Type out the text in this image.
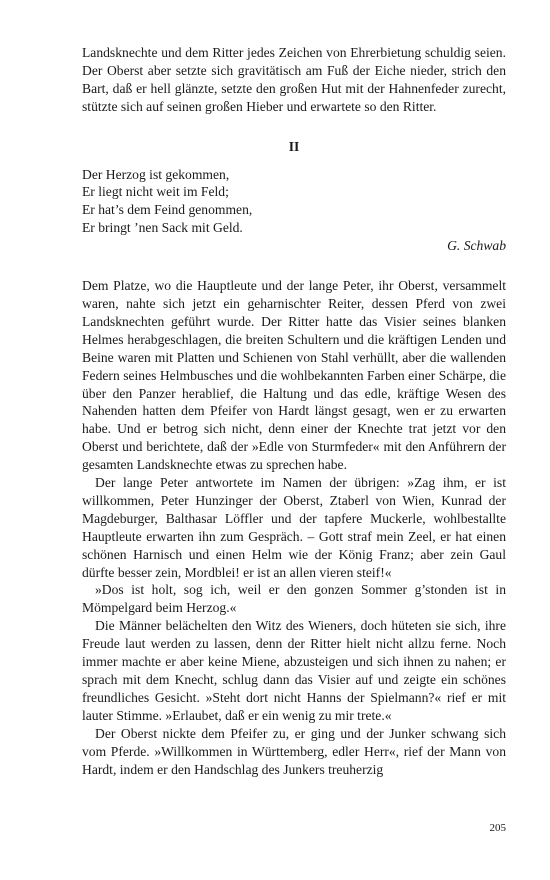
Landsknechte und dem Ritter jedes Zeichen von Ehrerbietung schuldig seien. Der Oberst aber setzte sich gravitätisch am Fuß der Eiche nieder, strich den Bart, daß er hell glänzte, setzte den großen Hut mit der Hahnenfeder zurecht, stützte sich auf seinen großen Hieber und erwartete so den Ritter.

II
Der Herzog ist gekommen,
Er liegt nicht weit im Feld;
Er hat’s dem Feind genommen,
Er bringt ’nen Sack mit Geld.
G. Schwab

Dem Platze, wo die Hauptleute und der lange Peter, ihr Oberst, versammelt waren, nahte sich jetzt ein geharnischter Reiter, dessen Pferd von zwei Landsknechten geführt wurde. Der Ritter hatte das Visier seines blanken Helmes herabgeschlagen, die breiten Schultern und die kräftigen Lenden und Beine waren mit Platten und Schienen von Stahl verhüllt, aber die wallenden Federn seines Helmbusches und die wohlbekannten Farben einer Schärpe, die über den Panzer herablief, die Haltung und das edle, kräftige Wesen des Nahenden hatten dem Pfeifer von Hardt längst gesagt, wen er zu erwarten habe. Und er betrog sich nicht, denn einer der Knechte trat jetzt vor den Oberst und berichtete, daß der »Edle von Sturmfeder« mit den Anführern der gesamten Landsknechte etwas zu sprechen habe.

Der lange Peter antwortete im Namen der übrigen: »Zag ihm, er ist willkommen, Peter Hunzinger der Oberst, Ztaberl von Wien, Kunrad der Magdeburger, Balthasar Löffler und der tapfere Muckerle, wohlbestallte Hauptleute erwarten ihn zum Gespräch. – Gott straf mein Zeel, er hat einen schönen Harnisch und einen Helm wie der König Franz; aber zein Gaul dürfte besser zein, Mordblei! er ist an allen vieren steif!«

»Dos ist holt, sog ich, weil er den gonzen Sommer g’stonden ist in Mömpelgard beim Herzog.«

Die Männer belächelten den Witz des Wieners, doch hüteten sie sich, ihre Freude laut werden zu lassen, denn der Ritter hielt nicht allzu ferne. Noch immer machte er aber keine Miene, abzusteigen und sich ihnen zu nahen; er sprach mit dem Knecht, schlug dann das Visier auf und zeigte ein schönes freundliches Gesicht. »Steht dort nicht Hanns der Spielmann?« rief er mit lauter Stimme. »Erlaubet, daß er ein wenig zu mir trete.«

Der Oberst nickte dem Pfeifer zu, er ging und der Junker schwang sich vom Pferde. »Willkommen in Württemberg, edler Herr«, rief der Mann von Hardt, indem er den Handschlag des Junkers treuherzig

205
